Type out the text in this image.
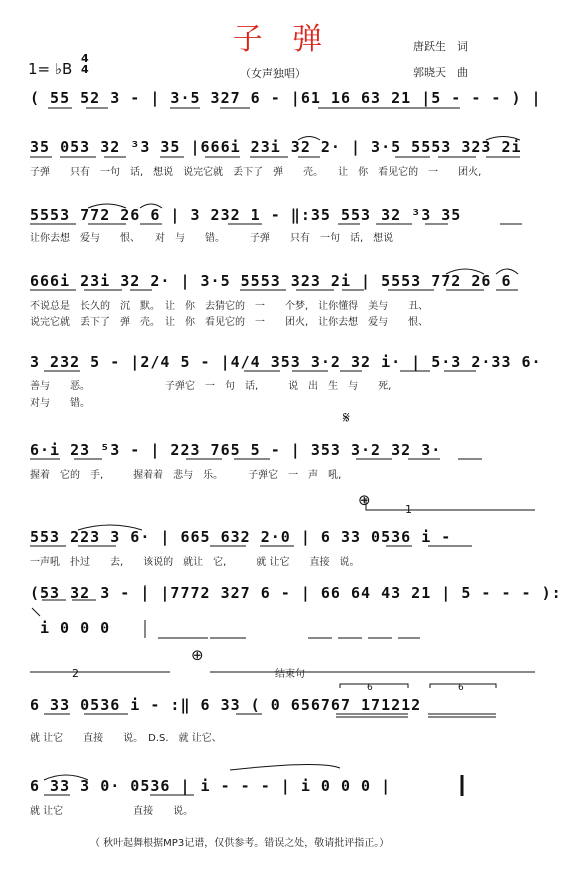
子 弹	唐跃生　词
郭晓天　曲
1= ♭B
4
4	（女声独唱）
( 55 52 3 - | 3·5 327 6 - |61 16 63 21 |5 - - - ) |
35 053 32 ³3 35 |666i 23i 32 2· | 3·5 5553 323 2i
子弹　　只有　一句　话,　想说　说完它就　丢下了　弹　　壳。　　让　你　看见它的　一　　团火,
5553 772 26 6 | 3 232 1 - ‖:35 553 32 ³3 35
让你去想　爱与　　恨、　　对　与　　错。　　　子弹　　只有　一句　话,　想说
666i 23i 32 2· | 3·5 5553 323 2i | 5553 772 26 6
不说总是　长久的　沉　默。　让　你　去猜它的　一　　个梦,　让你懂得　美与　　丑、
说完它就　丢下了　弹　壳。　让　你　看见它的　一　　团火,　让你去想　爱与　　恨、
3 232 5 - |2/4 5 - |4/4 353 3·2 32 i· | 5·3 2·33 6·
善与　　恶。　　　　　　　　子弹它　一　句　话,　　　说　出　生　与　　死,
对与　　错。
𝄋
6·i 23 ⁵3 - | 223 765 5 - | 353 3·2 32 3·
握着　它的　手,　　　握着着　悲与　乐。　　　子弹它　一　声　吼,
⊕
1
553 223 3 6· | 665 632 2·0 | 6 33 0536 i -
一声吼　扑过　　去,　　该说的　就让　它,　　　就 让它　　直接　说。
(53 32 3 - | |7772 327 6 - | 66 64 43 21 | 5 - - - ):
i 0 0 0
2
⊕
结束句
6	6
6 33 0536 i - :‖ 6 33 ( 0 656767 171212
就 让它　　直接　　说。　D.S.　就 让它、
6 33 3 0· 0536 | i - - - | i 0 0 0 |
就 让它　　　　　　　直接　　说。
（ 秋叶起舞根据MP3记谱，仅供参考。错误之处，敬请批评指正。）
